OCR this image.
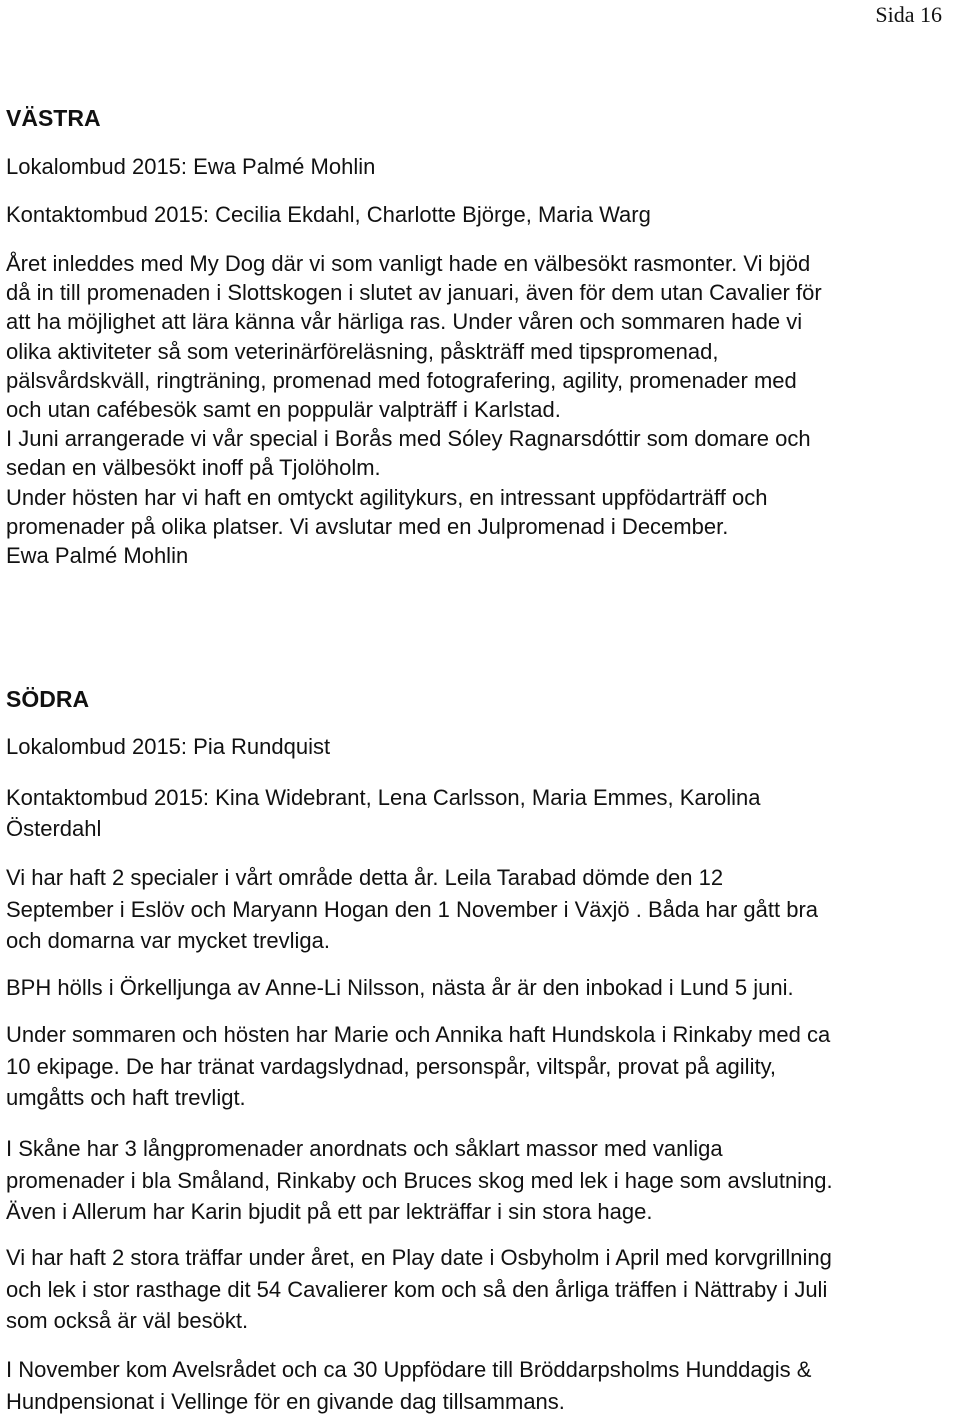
Sida 16
VÄSTRA

Lokalombud 2015: Ewa Palmé Mohlin

Kontaktombud 2015: Cecilia Ekdahl, Charlotte Björge, Maria Warg

Året inleddes med My Dog där vi som vanligt hade en välbesökt rasmonter. Vi bjöd
då in till promenaden i Slottskogen i slutet av januari, även för dem utan Cavalier för
att ha möjlighet att lära känna vår härliga ras. Under våren och sommaren hade vi
olika aktiviteter så som veterinärföreläsning, påskträff med tipspromenad,
pälsvårdskväll, ringträning, promenad med fotografering, agility, promenader med
och utan cafébesök samt en poppulär valpträff i Karlstad.
I Juni arrangerade vi vår special i Borås med Sóley Ragnarsdóttir som domare och
sedan en välbesökt inoff på Tjolöholm.
Under hösten har vi haft en omtyckt agilitykurs, en intressant uppfödarträff och
promenader på olika platser. Vi avslutar med en Julpromenad i December.
Ewa Palmé Mohlin

SÖDRA

Lokalombud 2015: Pia Rundquist

Kontaktombud 2015: Kina Widebrant, Lena Carlsson, Maria Emmes, Karolina
Österdahl

Vi har haft 2 specialer i vårt område detta år. Leila Tarabad dömde den 12
September i Eslöv och Maryann Hogan den 1 November i Växjö . Båda har gått bra
och domarna var mycket trevliga.

BPH hölls i Örkelljunga av Anne-Li Nilsson, nästa år är den inbokad i Lund 5 juni.

Under sommaren och hösten har Marie och Annika haft Hundskola i Rinkaby med ca
10 ekipage. De har tränat vardagslydnad, personspår, viltspår, provat på agility,
umgåtts och haft trevligt.

I Skåne har 3 långpromenader anordnats och såklart massor med vanliga
promenader i bla Småland, Rinkaby och Bruces skog med lek i hage som avslutning.
Även i Allerum har Karin bjudit på ett par lekträffar i sin stora hage.

Vi har haft 2 stora träffar under året, en Play date i Osbyholm i April med korvgrillning
och lek i stor rasthage dit 54 Cavalierer kom och så den årliga träffen i Nättraby i Juli
som också är väl besökt.

I November kom Avelsrådet och ca 30 Uppfödare till Bröddarpsholms Hunddagis &
Hundpensionat i Vellinge för en givande dag tillsammans.
